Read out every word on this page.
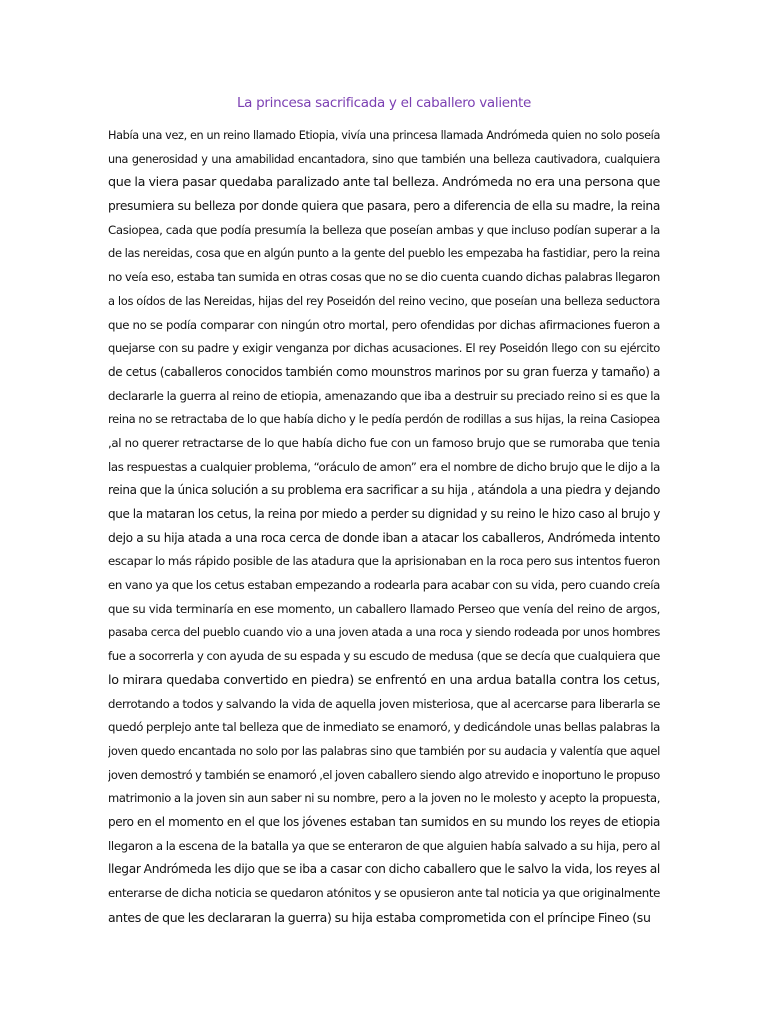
La princesa sacrificada y el caballero valiente
Había una vez, en un reino llamado Etiopia, vivía una princesa llamada Andrómeda quien no solo poseía
una generosidad y una amabilidad encantadora, sino que también una belleza cautivadora, cualquiera
que la viera pasar quedaba paralizado ante tal belleza. Andrómeda no era una persona que
presumiera su belleza por donde quiera que pasara, pero a diferencia de ella su madre, la reina
Casiopea, cada que podía presumía la belleza que poseían ambas y que incluso podían superar a la
de las nereidas, cosa que en algún punto a la gente del pueblo les empezaba ha fastidiar, pero la reina
no veía eso, estaba tan sumida en otras cosas que no se dio cuenta cuando dichas palabras llegaron
a los oídos de las Nereidas, hijas del rey Poseidón del reino vecino, que poseían una belleza seductora
que no se podía comparar con ningún otro mortal, pero ofendidas por dichas afirmaciones fueron a
quejarse con su padre y exigir venganza por dichas acusaciones. El rey Poseidón llego con su ejército
de cetus (caballeros conocidos también como mounstros marinos por su gran fuerza y tamaño) a
declararle la guerra al reino de etiopia, amenazando que iba a destruir su preciado reino si es que la
reina no se retractaba de lo que había dicho y le pedía perdón de rodillas a sus hijas, la reina Casiopea
,al no querer retractarse de lo que había dicho fue con un famoso brujo que se rumoraba que tenia
las respuestas a cualquier problema, “oráculo de amon” era el nombre de dicho brujo que le dijo a la
reina que la única solución a su problema era sacrificar a su hija , atándola a una piedra y dejando
que la mataran los cetus, la reina por miedo a perder su dignidad y su reino le hizo caso al brujo y
dejo a su hija atada a una roca cerca de donde iban a atacar los caballeros, Andrómeda intento
escapar lo más rápido posible de las atadura que la aprisionaban en la roca pero sus intentos fueron
en vano ya que los cetus estaban empezando a rodearla para acabar con su vida, pero cuando creía
que su vida terminaría en ese momento, un caballero llamado Perseo que venía del reino de argos,
pasaba cerca del pueblo cuando vio a una joven atada a una roca y siendo rodeada por unos hombres
fue a socorrerla y con ayuda de su espada y su escudo de medusa (que se decía que cualquiera que
lo mirara quedaba convertido en piedra) se enfrentó en una ardua batalla contra los cetus,
derrotando a todos y salvando la vida de aquella joven misteriosa, que al acercarse para liberarla se
quedó perplejo ante tal belleza que de inmediato se enamoró, y dedicándole unas bellas palabras la
joven quedo encantada no solo por las palabras sino que también por su audacia y valentía que aquel
joven demostró y también se enamoró ,el joven caballero siendo algo atrevido e inoportuno le propuso
matrimonio a la joven sin aun saber ni su nombre, pero a la joven no le molesto y acepto la propuesta,
pero en el momento en el que los jóvenes estaban tan sumidos en su mundo los reyes de etiopia
llegaron a la escena de la batalla ya que se enteraron de que alguien había salvado a su hija, pero al
llegar Andrómeda les dijo que se iba a casar con dicho caballero que le salvo la vida, los reyes al
enterarse de dicha noticia se quedaron atónitos y se opusieron ante tal noticia ya que originalmente
antes de que les declararan la guerra) su hija estaba comprometida con el príncipe Fineo (su
